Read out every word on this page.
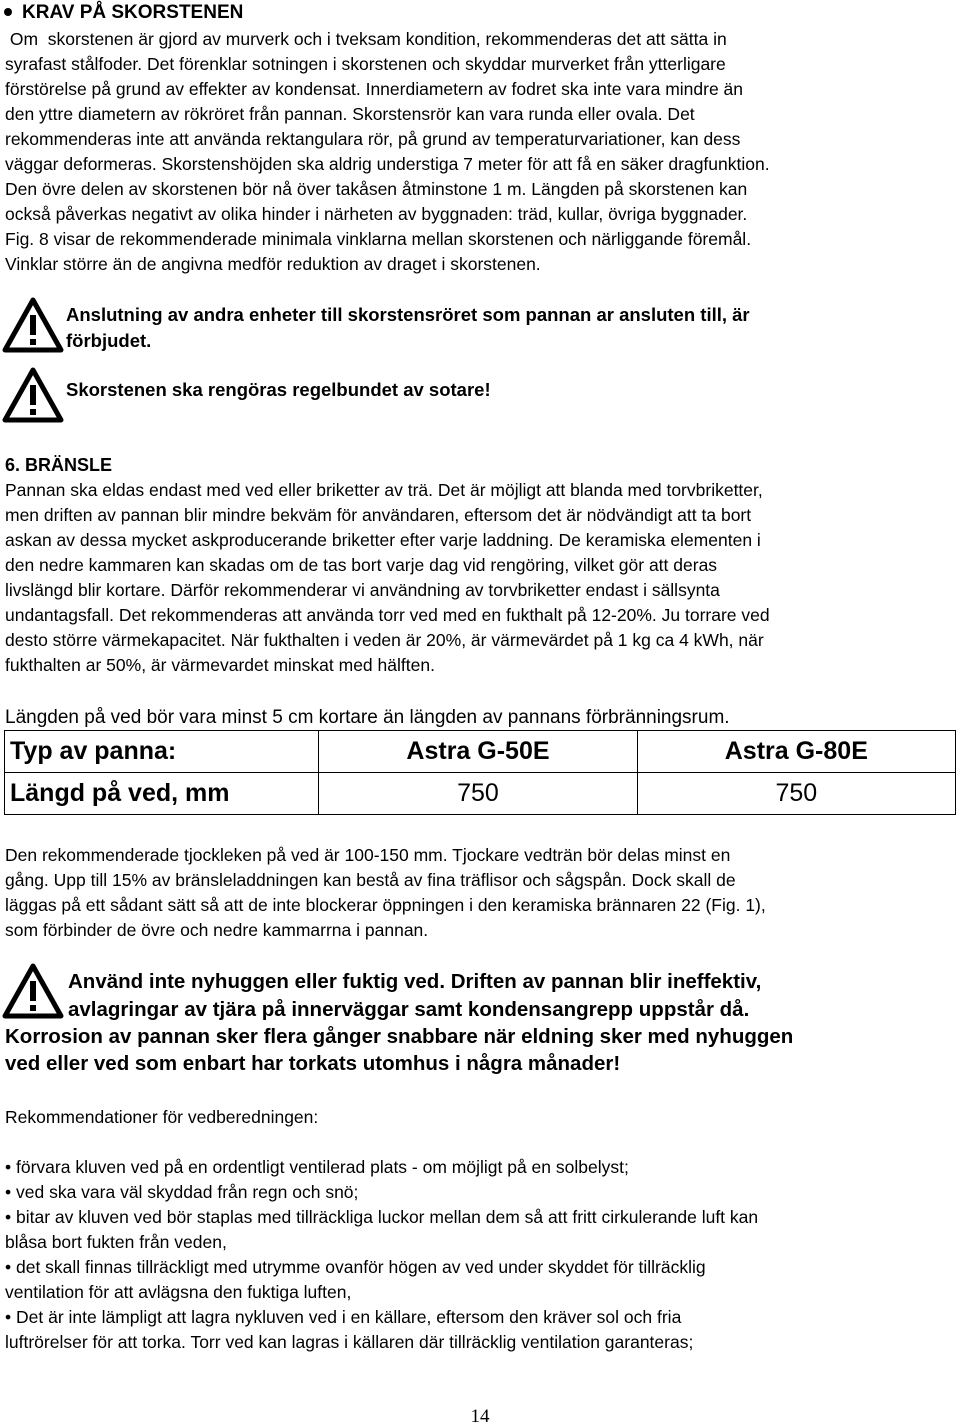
KRAV PÅ SKORSTENEN
Om  skorstenen är gjord av murverk och i tveksam kondition, rekommenderas det att sätta in
syrafast stålfoder. Det förenklar sotningen i skorstenen och skyddar murverket från ytterligare
förstörelse på grund av effekter av kondensat. Innerdiametern av fodret ska inte vara mindre än
den yttre diametern av rökröret från pannan. Skorstensrör kan vara runda eller ovala. Det
rekommenderas inte att använda rektangulara rör, på grund av temperaturvariationer, kan dess
väggar deformeras. Skorstenshöjden ska aldrig understiga 7 meter för att få en säker dragfunktion.
Den övre delen av skorstenen bör nå över takåsen åtminstone 1 m. Längden på skorstenen kan
också påverkas negativt av olika hinder i närheten av byggnaden: träd, kullar, övriga byggnader.
Fig. 8 visar de rekommenderade minimala vinklarna mellan skorstenen och närliggande föremål.
Vinklar större än de angivna medför reduktion av draget i skorstenen.
Anslutning av andra enheter till skorstensröret som pannan ar ansluten till, är
förbjudet.
Skorstenen ska rengöras regelbundet av sotare!
6. BRÄNSLE
Pannan ska eldas endast med ved eller briketter av trä. Det är möjligt att blanda med torvbriketter,
men driften av pannan blir mindre bekväm för användaren, eftersom det är nödvändigt att ta bort
askan av dessa mycket askproducerande briketter efter varje laddning. De keramiska elementen i
den nedre kammaren kan skadas om de tas bort varje dag vid rengöring, vilket gör att deras
livslängd blir kortare. Därför rekommenderar vi användning av torvbriketter endast i sällsynta
undantagsfall. Det rekommenderas att använda torr ved med en fukthalt på 12-20%. Ju torrare ved
desto större värmekapacitet. När fukthalten i veden är 20%, är värmevärdet på 1 kg ca 4 kWh, när
fukthalten ar 50%, är värmevardet minskat med hälften.
Längden på ved bör vara minst 5 cm kortare än längden av pannans förbränningsrum.
Typ av panna:	Astra G-50E	Astra G-80E
Längd på ved, mm	750	750
Den rekommenderade tjockleken på ved är 100-150 mm. Tjockare vedträn bör delas minst en
gång. Upp till 15% av bränsleladdningen kan bestå av fina träflisor och sågspån. Dock skall de
läggas på ett sådant sätt så att de inte blockerar öppningen i den keramiska brännaren 22 (Fig. 1),
som förbinder de övre och nedre kammarrna i pannan.
Använd inte nyhuggen eller fuktig ved. Driften av pannan blir ineffektiv,
avlagringar av tjära på innerväggar samt kondensangrepp uppstår då.
Korrosion av pannan sker flera gånger snabbare när eldning sker med nyhuggen
ved eller ved som enbart har torkats utomhus i några månader!
Rekommendationer för vedberedningen:
• förvara kluven ved på en ordentligt ventilerad plats - om möjligt på en solbelyst;
• ved ska vara väl skyddad från regn och snö;
• bitar av kluven ved bör staplas med tillräckliga luckor mellan dem så att fritt cirkulerande luft kan
blåsa bort fukten från veden,
• det skall finnas tillräckligt med utrymme ovanför högen av ved under skyddet för tillräcklig
ventilation för att avlägsna den fuktiga luften,
• Det är inte lämpligt att lagra nykluven ved i en källare, eftersom den kräver sol och fria
luftrörelser för att torka. Torr ved kan lagras i källaren där tillräcklig ventilation garanteras;
14
